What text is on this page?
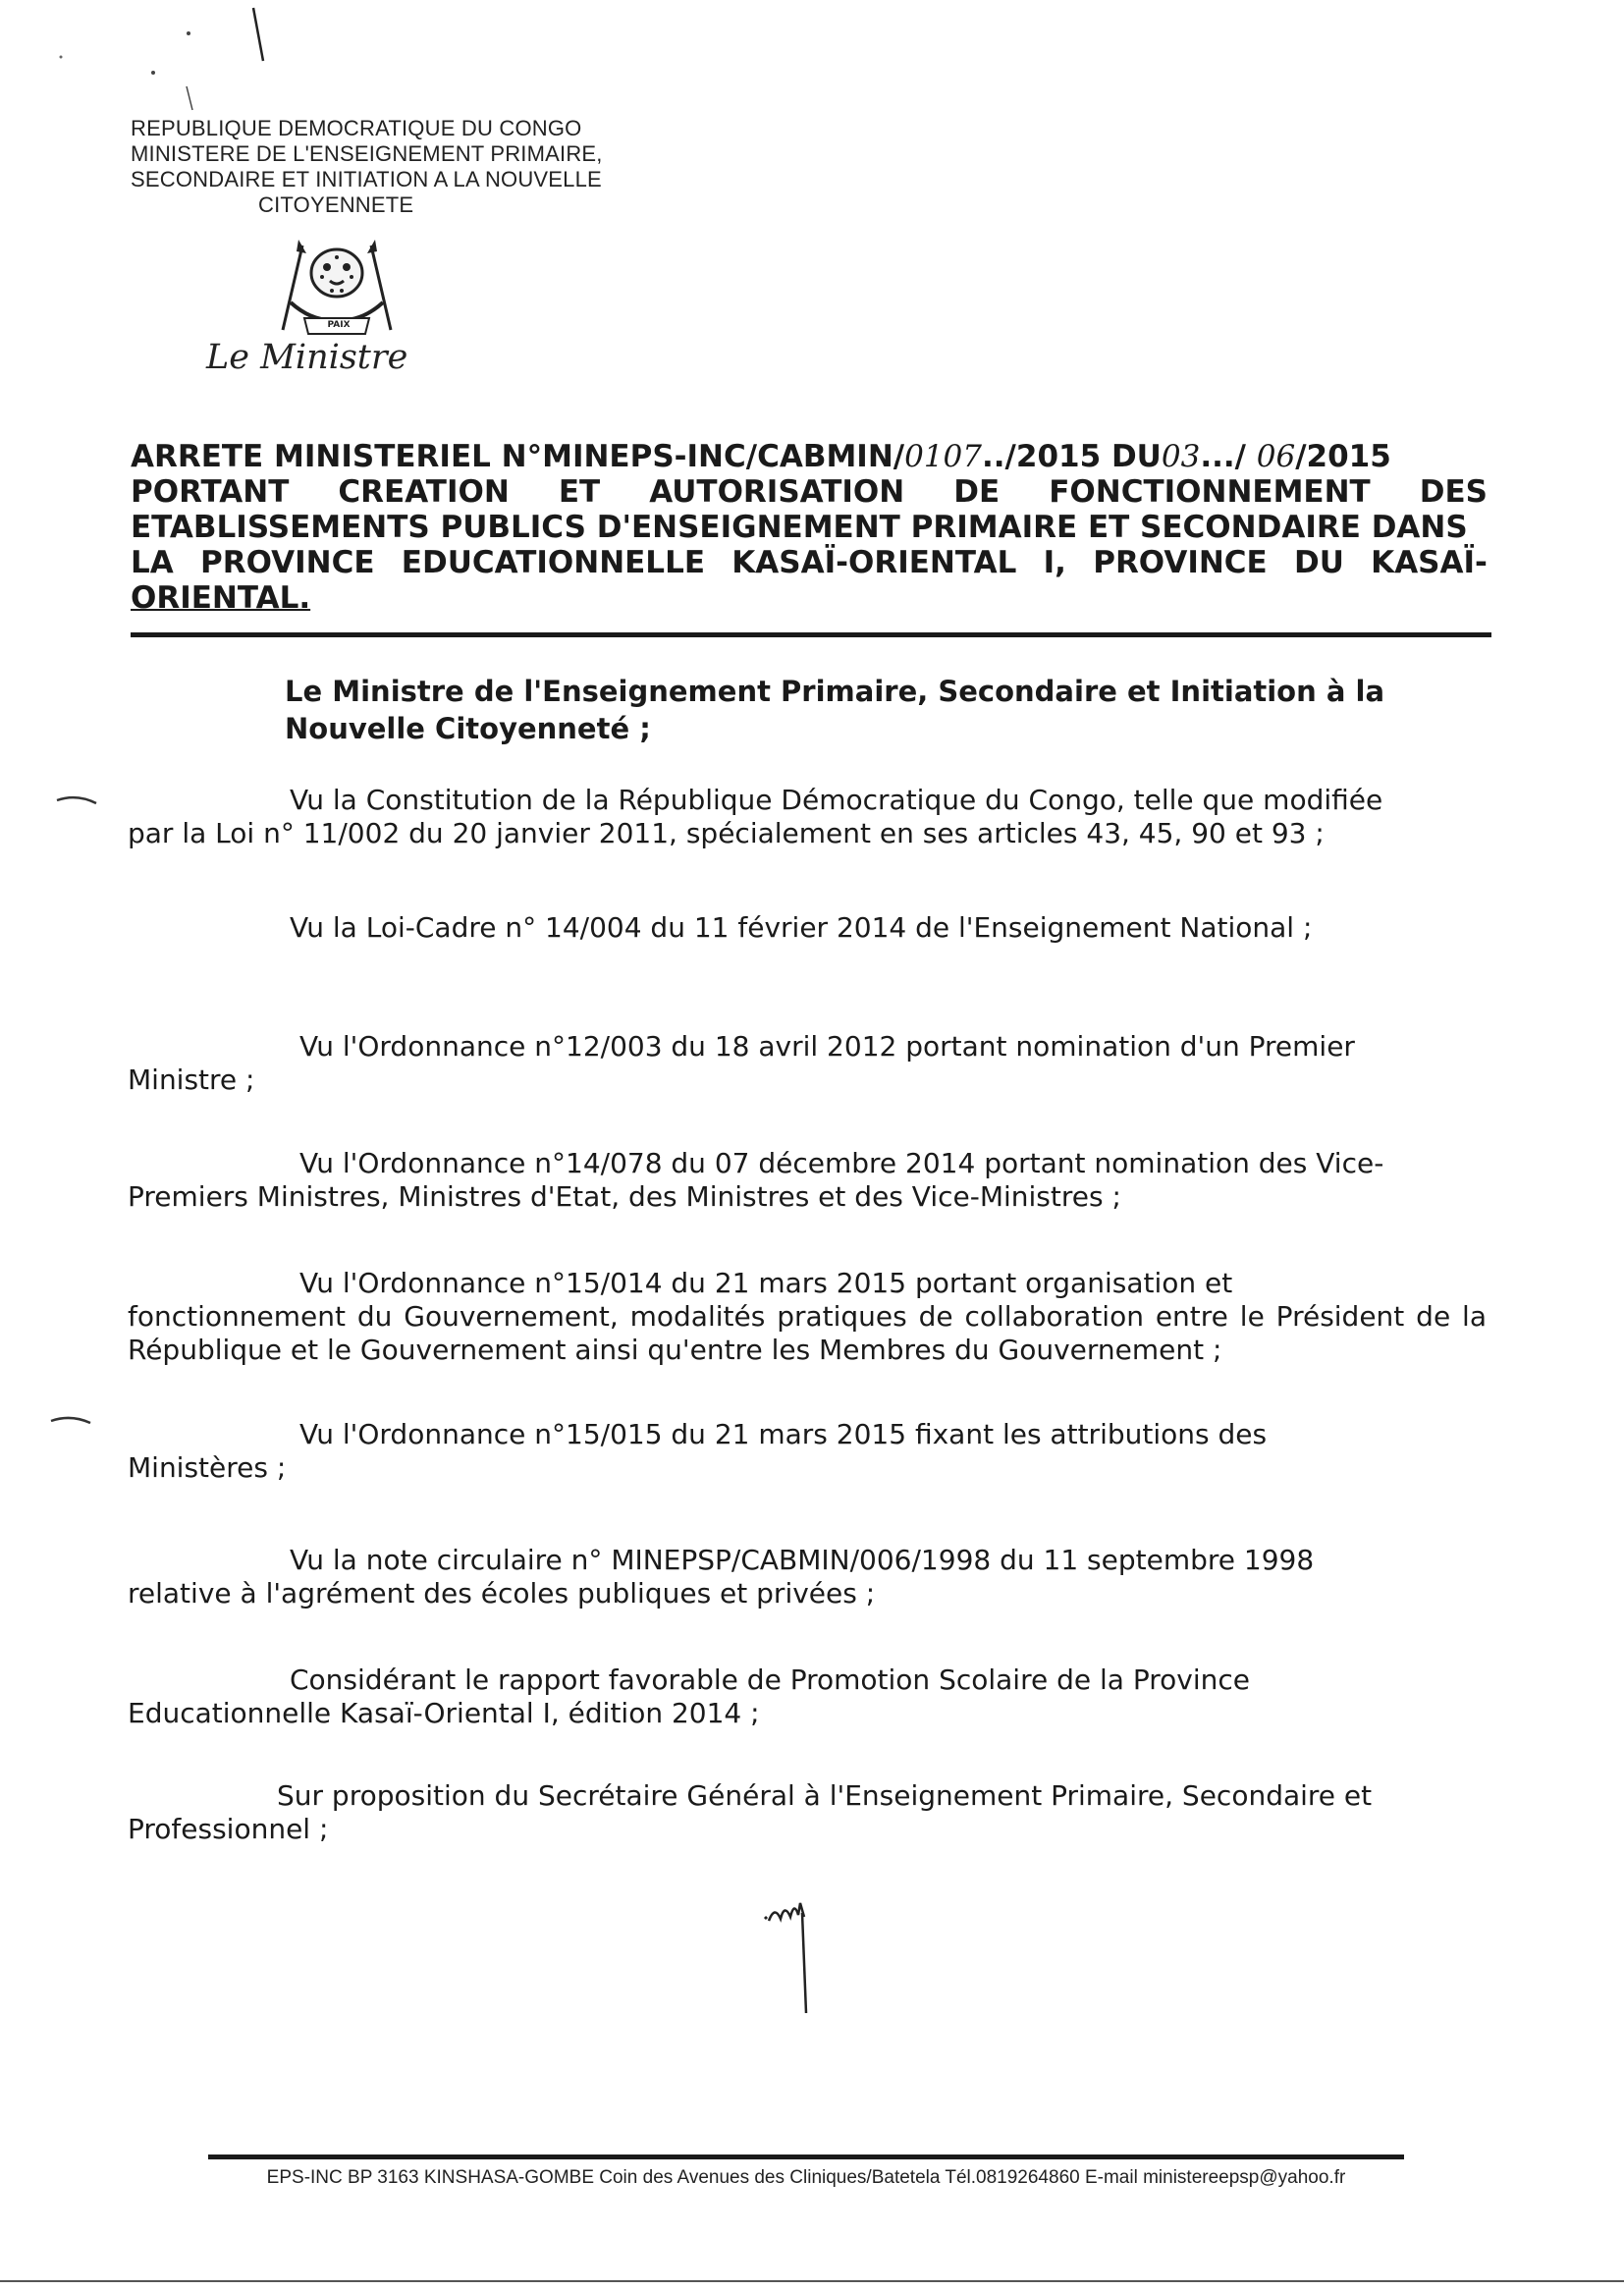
REPUBLIQUE DEMOCRATIQUE DU CONGO
MINISTERE DE L'ENSEIGNEMENT PRIMAIRE,
SECONDAIRE ET INITIATION A LA NOUVELLE
CITOYENNETE
PAIX
Le Ministre
ARRETE MINISTERIEL N°MINEPS-INC/CABMIN/0107../2015 DU03.../ 06/2015
PORTANT CREATION ET AUTORISATION DE FONCTIONNEMENT DES
ETABLISSEMENTS PUBLICS D'ENSEIGNEMENT PRIMAIRE ET SECONDAIRE DANS
LA PROVINCE EDUCATIONNELLE KASAÏ-ORIENTAL I, PROVINCE DU KASAÏ-
ORIENTAL.
Le Ministre de l'Enseignement Primaire, Secondaire et Initiation à la
Nouvelle Citoyenneté ;
Vu la Constitution de la République Démocratique du Congo, telle que modifiée
par la Loi n° 11/002 du 20 janvier 2011, spécialement en ses articles 43, 45, 90 et 93 ;
Vu la Loi-Cadre n° 14/004 du 11 février 2014 de l'Enseignement National ;
Vu l'Ordonnance n°12/003 du 18 avril 2012 portant nomination d'un Premier
Ministre ;
Vu l'Ordonnance n°14/078 du 07 décembre 2014 portant nomination des Vice-
Premiers Ministres, Ministres d'Etat, des Ministres et des Vice-Ministres ;
Vu l'Ordonnance n°15/014 du 21 mars 2015 portant organisation et
fonctionnement du Gouvernement, modalités pratiques de collaboration entre le Président de la République et le Gouvernement ainsi qu'entre les Membres du Gouvernement ;
Vu l'Ordonnance n°15/015 du 21 mars 2015 fixant les attributions des
Ministères ;
Vu la note circulaire n° MINEPSP/CABMIN/006/1998 du 11 septembre 1998
relative à l'agrément des écoles publiques et privées ;
Considérant le rapport favorable de Promotion Scolaire de la Province
Educationnelle Kasaï-Oriental I, édition 2014 ;
Sur proposition du Secrétaire Général à l'Enseignement Primaire, Secondaire et
Professionnel ;
EPS-INC BP 3163 KINSHASA-GOMBE Coin des Avenues des Cliniques/Batetela Tél.0819264860 E-mail ministereepsp@yahoo.fr
